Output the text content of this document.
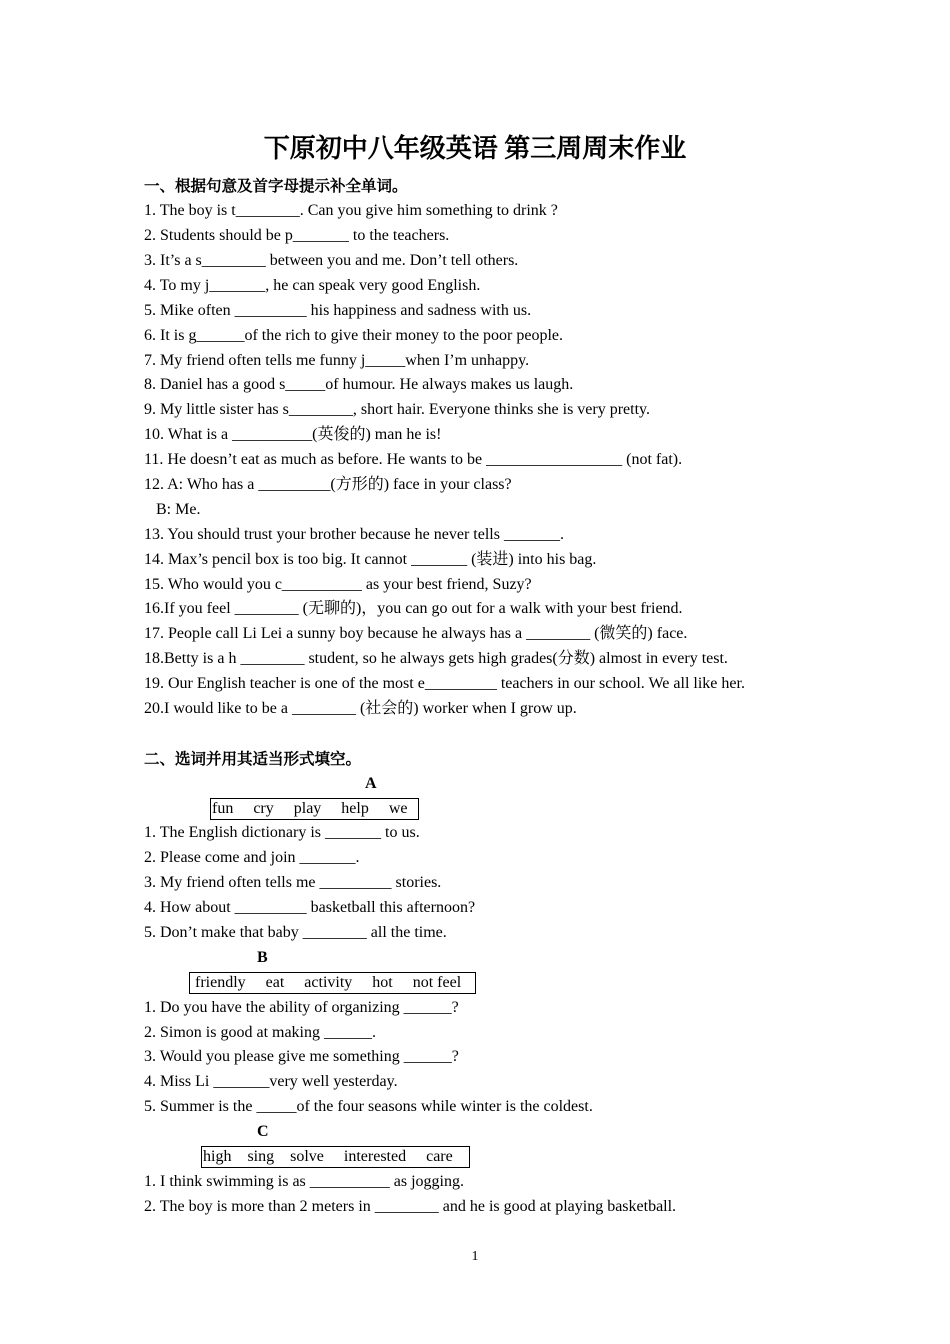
下原初中八年级英语 第三周周末作业
一、根据句意及首字母提示补全单词。
1. The boy is t________. Can you give him something to drink ?
2. Students should be p_______ to the teachers.
3. It’s a s________ between you and me. Don’t tell others.
4. To my j_______, he can speak very good English.
5. Mike often _________ his happiness and sadness with us.
6. It is g______of the rich to give their money to the poor people.
7. My friend often tells me funny j_____when I’m unhappy.
8. Daniel has a good s_____of humour. He always makes us laugh.
9. My little sister has s________, short hair. Everyone thinks she is very pretty.
10. What is a __________(英俊的) man he is!
11. He doesn’t eat as much as before. He wants to be _________________ (not fat).
12. A: Who has a _________(方形的) face in your class?
B: Me.
13. You should trust your brother because he never tells _______.
14. Max’s pencil box is too big. It cannot _______ (装进) into his bag.
15. Who would you c__________ as your best friend, Suzy?
16.If you feel ________ (无聊的)，you can go out for a walk with your best friend.
17. People call Li Lei a sunny boy because he always has a ________ (微笑的) face.
18.Betty is a h ________ student, so he always gets high grades(分数) almost in every test.
19. Our English teacher is one of the most e_________ teachers in our school. We all like her.
20.I would like to be a ________ (社会的) worker when I grow up.
二、选词并用其适当形式填空。
A
fun     cry     play     help     we
1. The English dictionary is _______ to us.
2. Please come and join _______.
3. My friend often tells me _________ stories.
4. How about _________ basketball this afternoon?
5. Don’t make that baby ________ all the time.
B
friendly     eat     activity     hot     not feel
1. Do you have the ability of organizing ______?
2. Simon is good at making ______.
3. Would you please give me something ______?
4. Miss Li _______very well yesterday.
5. Summer is the _____of the four seasons while winter is the coldest.
C
high    sing    solve     interested     care
1. I think swimming is as __________ as jogging.
2. The boy is more than 2 meters in ________ and he is good at playing basketball.
1
